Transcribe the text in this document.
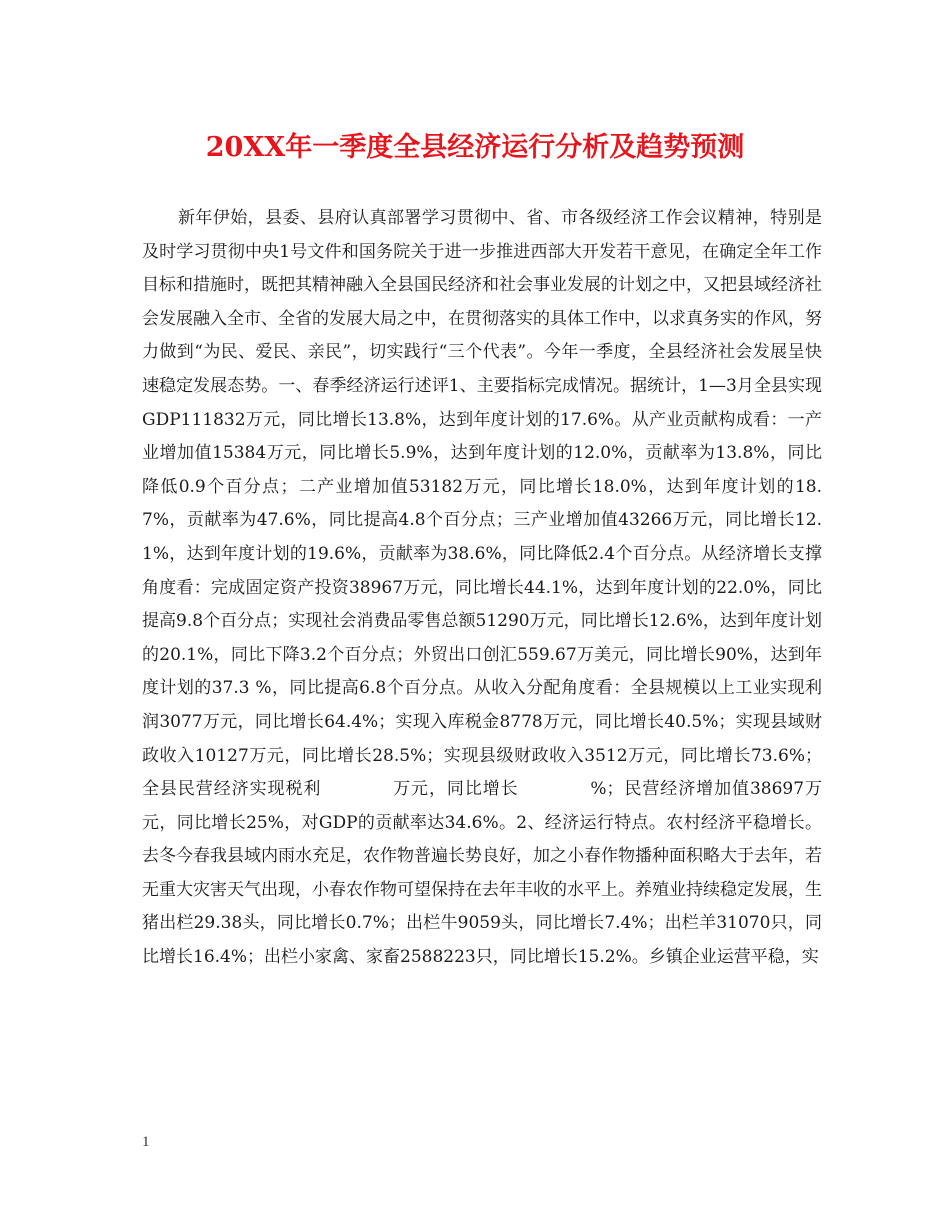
20XX年一季度全县经济运行分析及趋势预测

新年伊始，县委、县府认真部署学习贯彻中、省、市各级经济工作会议精神，特别是及时学习贯彻中央1号文件和国务院关于进一步推进西部大开发若干意见，在确定全年工作目标和措施时，既把其精神融入全县国民经济和社会事业发展的计划之中，又把县域经济社会发展融入全市、全省的发展大局之中，在贯彻落实的具体工作中，以求真务实的作风，努力做到“为民、爱民、亲民”，切实践行“三个代表”。今年一季度，全县经济社会发展呈快速稳定发展态势。一、春季经济运行述评1、主要指标完成情况。据统计，1—3月全县实现GDP111832万元，同比增长13.8%，达到年度计划的17.6%。从产业贡献构成看：一产业增加值15384万元，同比增长5.9%，达到年度计划的12.0%，贡献率为13.8%，同比降低0.9个百分点；二产业增加值53182万元，同比增长18.0%，达到年度计划的18.7%，贡献率为47.6%，同比提高4.8个百分点；三产业增加值43266万元，同比增长12.1%，达到年度计划的19.6%，贡献率为38.6%，同比降低2.4个百分点。从经济增长支撑角度看：完成固定资产投资38967万元，同比增长44.1%，达到年度计划的22.0%，同比提高9.8个百分点；实现社会消费品零售总额51290万元，同比增长12.6%，达到年度计划的20.1%，同比下降3.2个百分点；外贸出口创汇559.67万美元，同比增长90%，达到年度计划的37.3 %，同比提高6.8个百分点。从收入分配角度看：全县规模以上工业实现利润3077万元，同比增长64.4%；实现入库税金8778万元，同比增长40.5%；实现县域财政收入10127万元，同比增长28.5%；实现县级财政收入3512万元，同比增长73.6%；全县民营经济实现税利　　　　万元，同比增长　　　　%；民营经济增加值38697万元，同比增长25%，对GDP的贡献率达34.6%。2、经济运行特点。农村经济平稳增长。去冬今春我县域内雨水充足，农作物普遍长势良好，加之小春作物播种面积略大于去年，若无重大灾害天气出现，小春农作物可望保持在去年丰收的水平上。养殖业持续稳定发展，生猪出栏29.38头，同比增长0.7%；出栏牛9059头，同比增长7.4%；出栏羊31070只，同比增长16.4%；出栏小家禽、家畜2588223只，同比增长15.2%。乡镇企业运营平稳，实

1
